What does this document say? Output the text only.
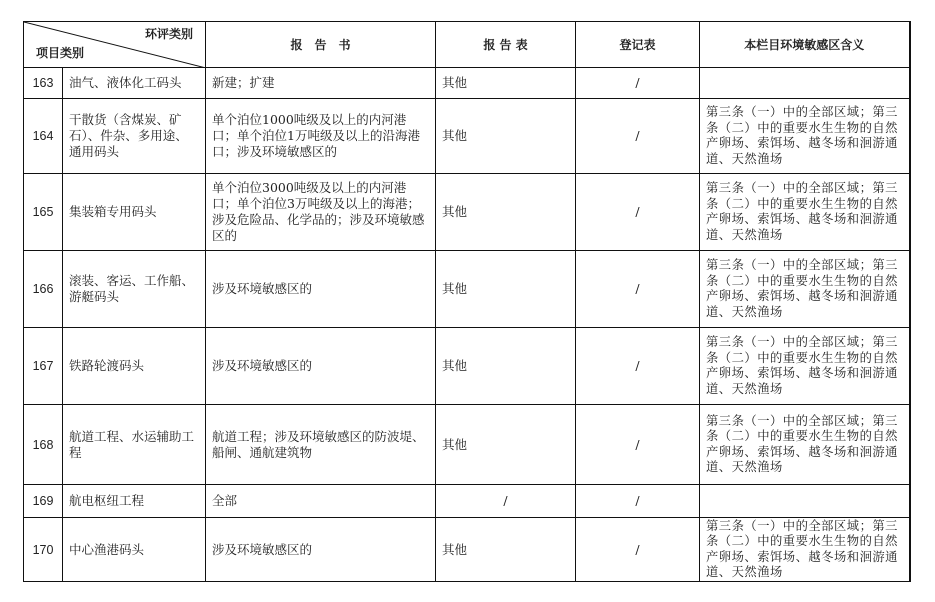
环评类别
项目类别		报　告　书	报 告 表	登记表	本栏目环境敏感区含义
163	油气、液体化工码头	新建；扩建	其他	/	
164	干散货（含煤炭、矿石）、件杂、多用途、通用码头	单个泊位1000吨级及以上的内河港口；单个泊位1万吨级及以上的沿海港口；涉及环境敏感区的	其他	/	第三条（一）中的全部区域；第三条（二）中的重要水生生物的自然产卵场、索饵场、越冬场和洄游通道、天然渔场
165	集装箱专用码头	单个泊位3000吨级及以上的内河港口；单个泊位3万吨级及以上的海港；涉及危险品、化学品的；涉及环境敏感区的	其他	/	第三条（一）中的全部区域；第三条（二）中的重要水生生物的自然产卵场、索饵场、越冬场和洄游通道、天然渔场
166	滚装、客运、工作船、游艇码头	涉及环境敏感区的	其他	/	第三条（一）中的全部区域；第三条（二）中的重要水生生物的自然产卵场、索饵场、越冬场和洄游通道、天然渔场
167	铁路轮渡码头	涉及环境敏感区的	其他	/	第三条（一）中的全部区域；第三条（二）中的重要水生生物的自然产卵场、索饵场、越冬场和洄游通道、天然渔场
168	航道工程、水运辅助工程	航道工程；涉及环境敏感区的防波堤、船闸、通航建筑物	其他	/	第三条（一）中的全部区域；第三条（二）中的重要水生生物的自然产卵场、索饵场、越冬场和洄游通道、天然渔场
169	航电枢纽工程	全部	/	/	
170	中心渔港码头	涉及环境敏感区的	其他	/	第三条（一）中的全部区域；第三条（二）中的重要水生生物的自然产卵场、索饵场、越冬场和洄游通道、天然渔场
